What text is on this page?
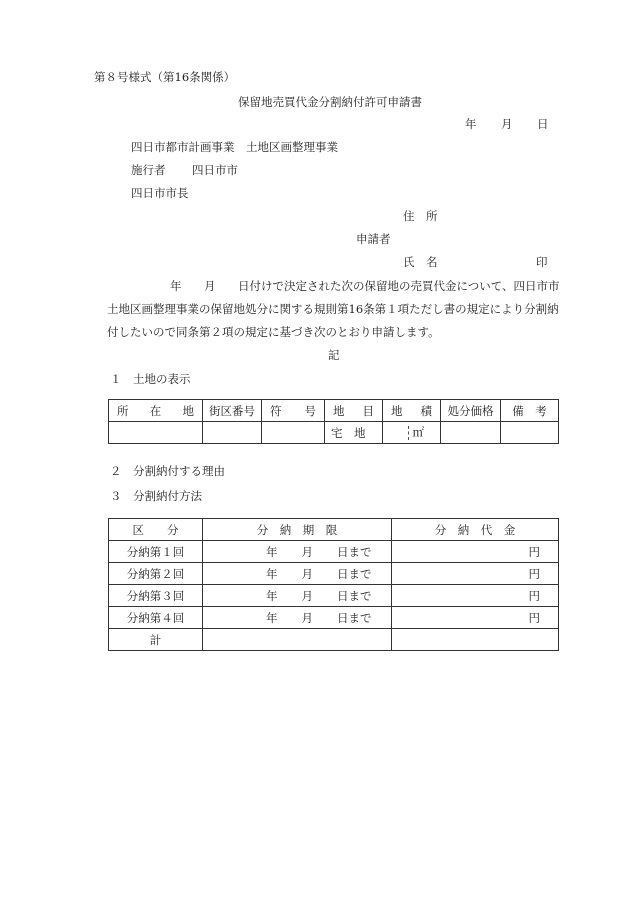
第８号様式（第16条関係）
保留地売買代金分割納付許可申請書
年 月 日
四日市都市計画事業　土地区画整理事業
施行者 四日市市
四日市市長
住　所
申請者
氏　名	印
年 月 日付けで決定された次の保留地の売買代金について、四日市市
土地区画整理事業の保留地処分に関する規則第16条第１項ただし書の規定により分割納
付したいので同条第２項の規定に基づき次のとおり申請します。
記
１ 土地の表示
所 在 地	街区番号	符 号	地 目	地 積	処分価格	備　考
			宅　地	㎡		
２ 分割納付する理由
３ 分割納付方法
区　　分	分　納　期　限	分　納　代　金
分納第１回	年 月 日まで	円
分納第２回	年 月 日まで	円
分納第３回	年 月 日まで	円
分納第４回	年 月 日まで	円
計		
